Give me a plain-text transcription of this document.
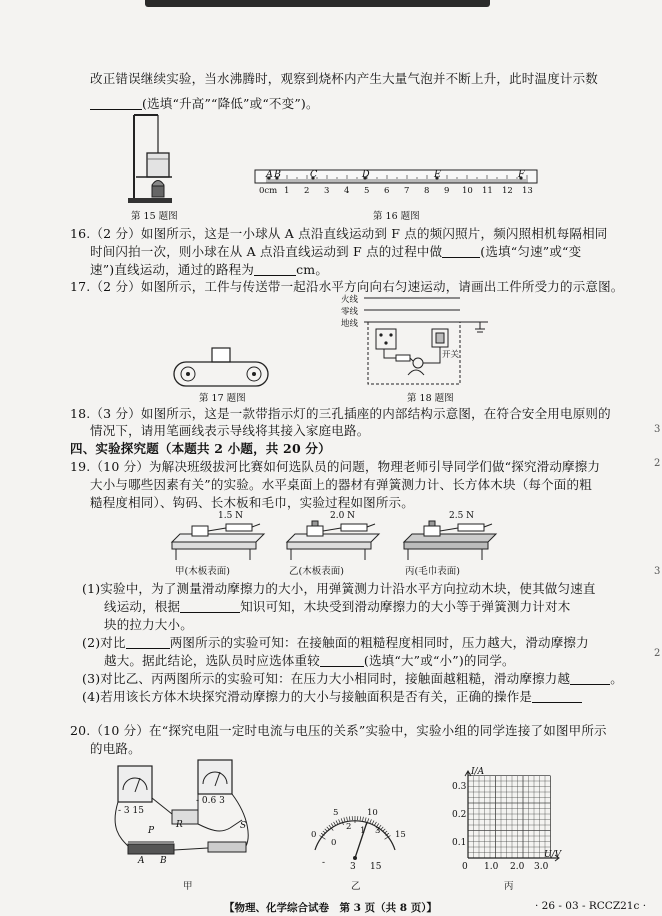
改正错误继续实验，当水沸腾时，观察到烧杯内产生大量气泡并不断上升，此时温度计示数
(选填“升高”“降低”或“不变”)。
第 15 题图
A B	C	D	E	F
0cm 1 2 3 4 5 6 7 8 9 10 11 12 13
第 16 题图
16.（2 分）如图所示，这是一小球从 A 点沿直线运动到 F 点的频闪照片，频闪照相机每隔相同
时间闪拍一次，则小球在从 A 点沿直线运动到 F 点的过程中做	(选填“匀速”或“变
速”)直线运动，通过的路程为	cm。
17.（2 分）如图所示，工件与传送带一起沿水平方向向右匀速运动，请画出工件所受力的示意图。
火线
零线
地线
开关
第 18 题图
第 17 题图
18.（3 分）如图所示，这是一款带指示灯的三孔插座的内部结构示意图，在符合安全用电原则的
情况下，请用笔画线表示导线将其接入家庭电路。
四、实验探究题（本题共 2 小题，共 20 分）
19.（10 分）为解决班级拔河比赛如何选队员的问题，物理老师引导同学们做“探究滑动摩擦力
大小与哪些因素有关”的实验。水平桌面上的器材有弹簧测力计、长方体木块（每个面的粗
糙程度相同）、钩码、长木板和毛巾，实验过程如图所示。
1.5 N	2.0 N	2.5 N
甲(木板表面)	乙(木板表面)	丙(毛巾表面)
(1)实验中，为了测量滑动摩擦力的大小，用弹簧测力计沿水平方向拉动木块，使其做匀速直
线运动，根据	知识可知，木块受到滑动摩擦力的大小等于弹簧测力计对木
块的拉力大小。
(2)对比	两图所示的实验可知：在接触面的粗糙程度相同时，压力越大，滑动摩擦力
越大。据此结论，选队员时应选体重较	(选填“大”或“小”)的同学。
(3)对比乙、丙两图所示的实验可知：在压力大小相同时，接触面越粗糙，滑动摩擦力越	。
(4)若用该长方体木块探究滑动摩擦力的大小与接触面积是否有关，正确的操作是
20.（10 分）在“探究电阻一定时电流与电压的关系”实验中，实验小组的同学连接了如图甲所示
的电路。
- 3 15
- 0.6 3
P
A B
S
R
甲
5	10
0	15
2	3
0
1
-	3 15
乙
I/A
U/V
0.3
0.2
0.1
0 1.0 2.0 3.0
丙
【物理、化学综合试卷　第 3 页（共 8 页）】	· 26 - 03 - RCCZ21c ·
3
2
3
2
